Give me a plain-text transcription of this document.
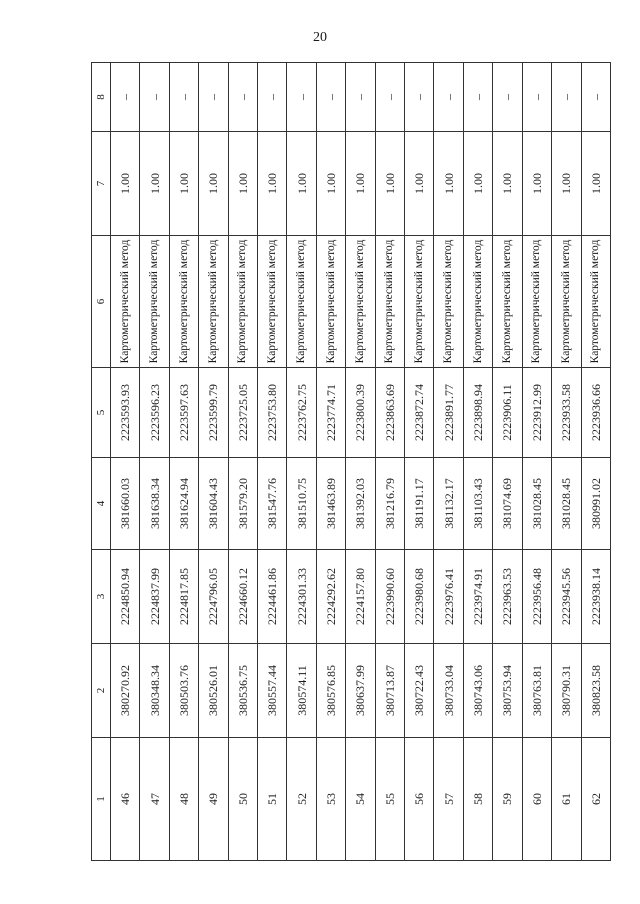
20
1	2	3	4	5	6	7	8
46	380270.92	2224850.94	381660.03	2223593.93	Картометрический метод	1.00	–
47	380348.34	2224837.99	381638.34	2223596.23	Картометрический метод	1.00	–
48	380503.76	2224817.85	381624.94	2223597.63	Картометрический метод	1.00	–
49	380526.01	2224796.05	381604.43	2223599.79	Картометрический метод	1.00	–
50	380536.75	2224660.12	381579.20	2223725.05	Картометрический метод	1.00	–
51	380557.44	2224461.86	381547.76	2223753.80	Картометрический метод	1.00	–
52	380574.11	2224301.33	381510.75	2223762.75	Картометрический метод	1.00	–
53	380576.85	2224292.62	381463.89	2223774.71	Картометрический метод	1.00	–
54	380637.99	2224157.80	381392.03	2223800.39	Картометрический метод	1.00	–
55	380713.87	2223990.60	381216.79	2223863.69	Картометрический метод	1.00	–
56	380722.43	2223980.68	381191.17	2223872.74	Картометрический метод	1.00	–
57	380733.04	2223976.41	381132.17	2223891.77	Картометрический метод	1.00	–
58	380743.06	2223974.91	381103.43	2223898.94	Картометрический метод	1.00	–
59	380753.94	2223963.53	381074.69	2223906.11	Картометрический метод	1.00	–
60	380763.81	2223956.48	381028.45	2223912.99	Картометрический метод	1.00	–
61	380790.31	2223945.56	381028.45	2223933.58	Картометрический метод	1.00	–
62	380823.58	2223938.14	380991.02	2223936.66	Картометрический метод	1.00	–
